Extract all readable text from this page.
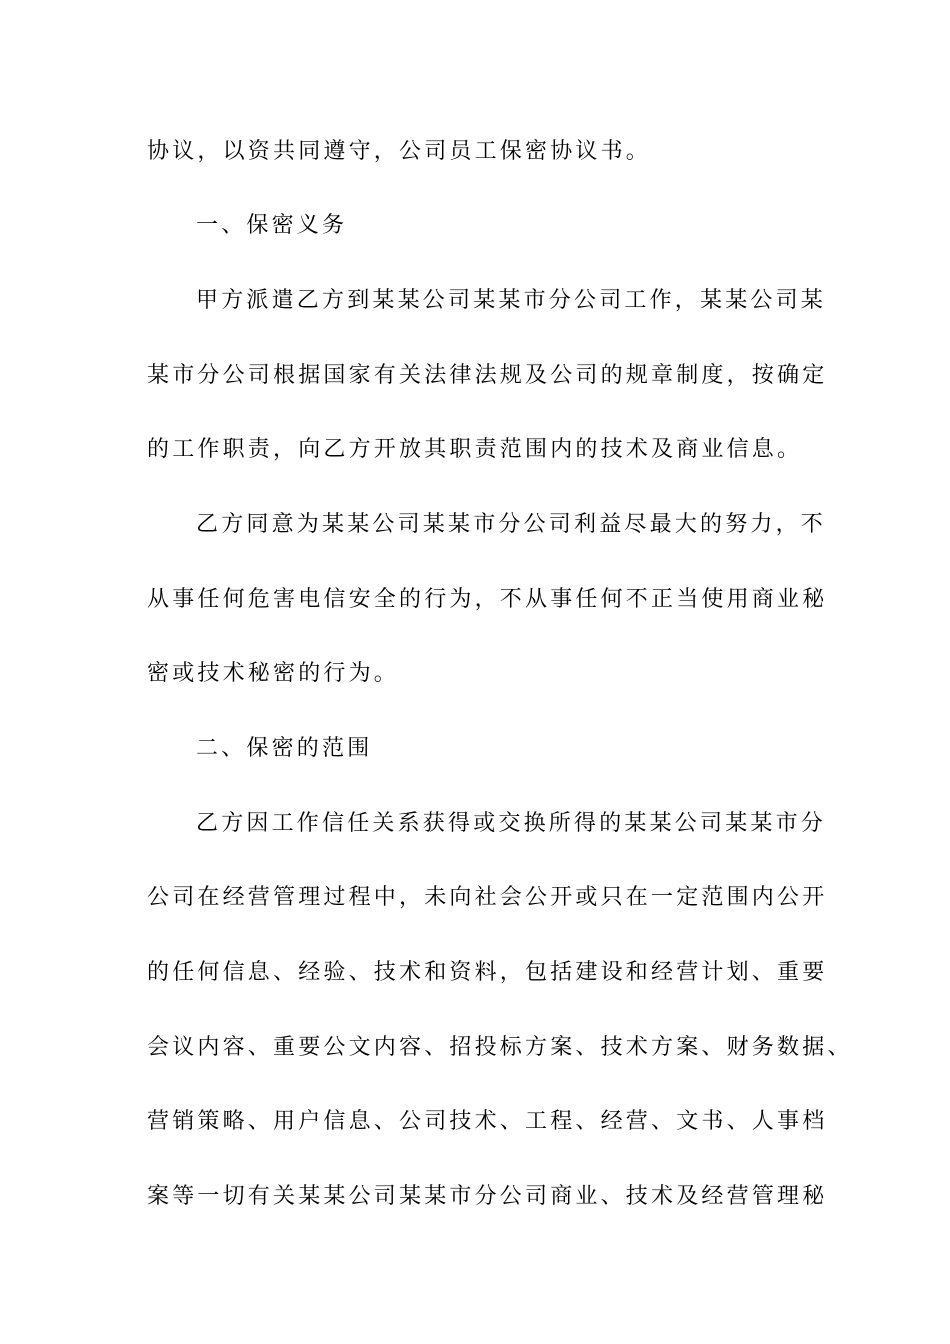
协议，以资共同遵守，公司员工保密协议书。
一、保密义务
甲方派遣乙方到某某公司某某市分公司工作，某某公司某
某市分公司根据国家有关法律法规及公司的规章制度，按确定
的工作职责，向乙方开放其职责范围内的技术及商业信息。
乙方同意为某某公司某某市分公司利益尽最大的努力，不
从事任何危害电信安全的行为，不从事任何不正当使用商业秘
密或技术秘密的行为。
二、保密的范围
乙方因工作信任关系获得或交换所得的某某公司某某市分
公司在经营管理过程中，未向社会公开或只在一定范围内公开
的任何信息、经验、技术和资料，包括建设和经营计划、重要
会议内容、重要公文内容、招投标方案、技术方案、财务数据、
营销策略、用户信息、公司技术、工程、经营、文书、人事档
案等一切有关某某公司某某市分公司商业、技术及经营管理秘
